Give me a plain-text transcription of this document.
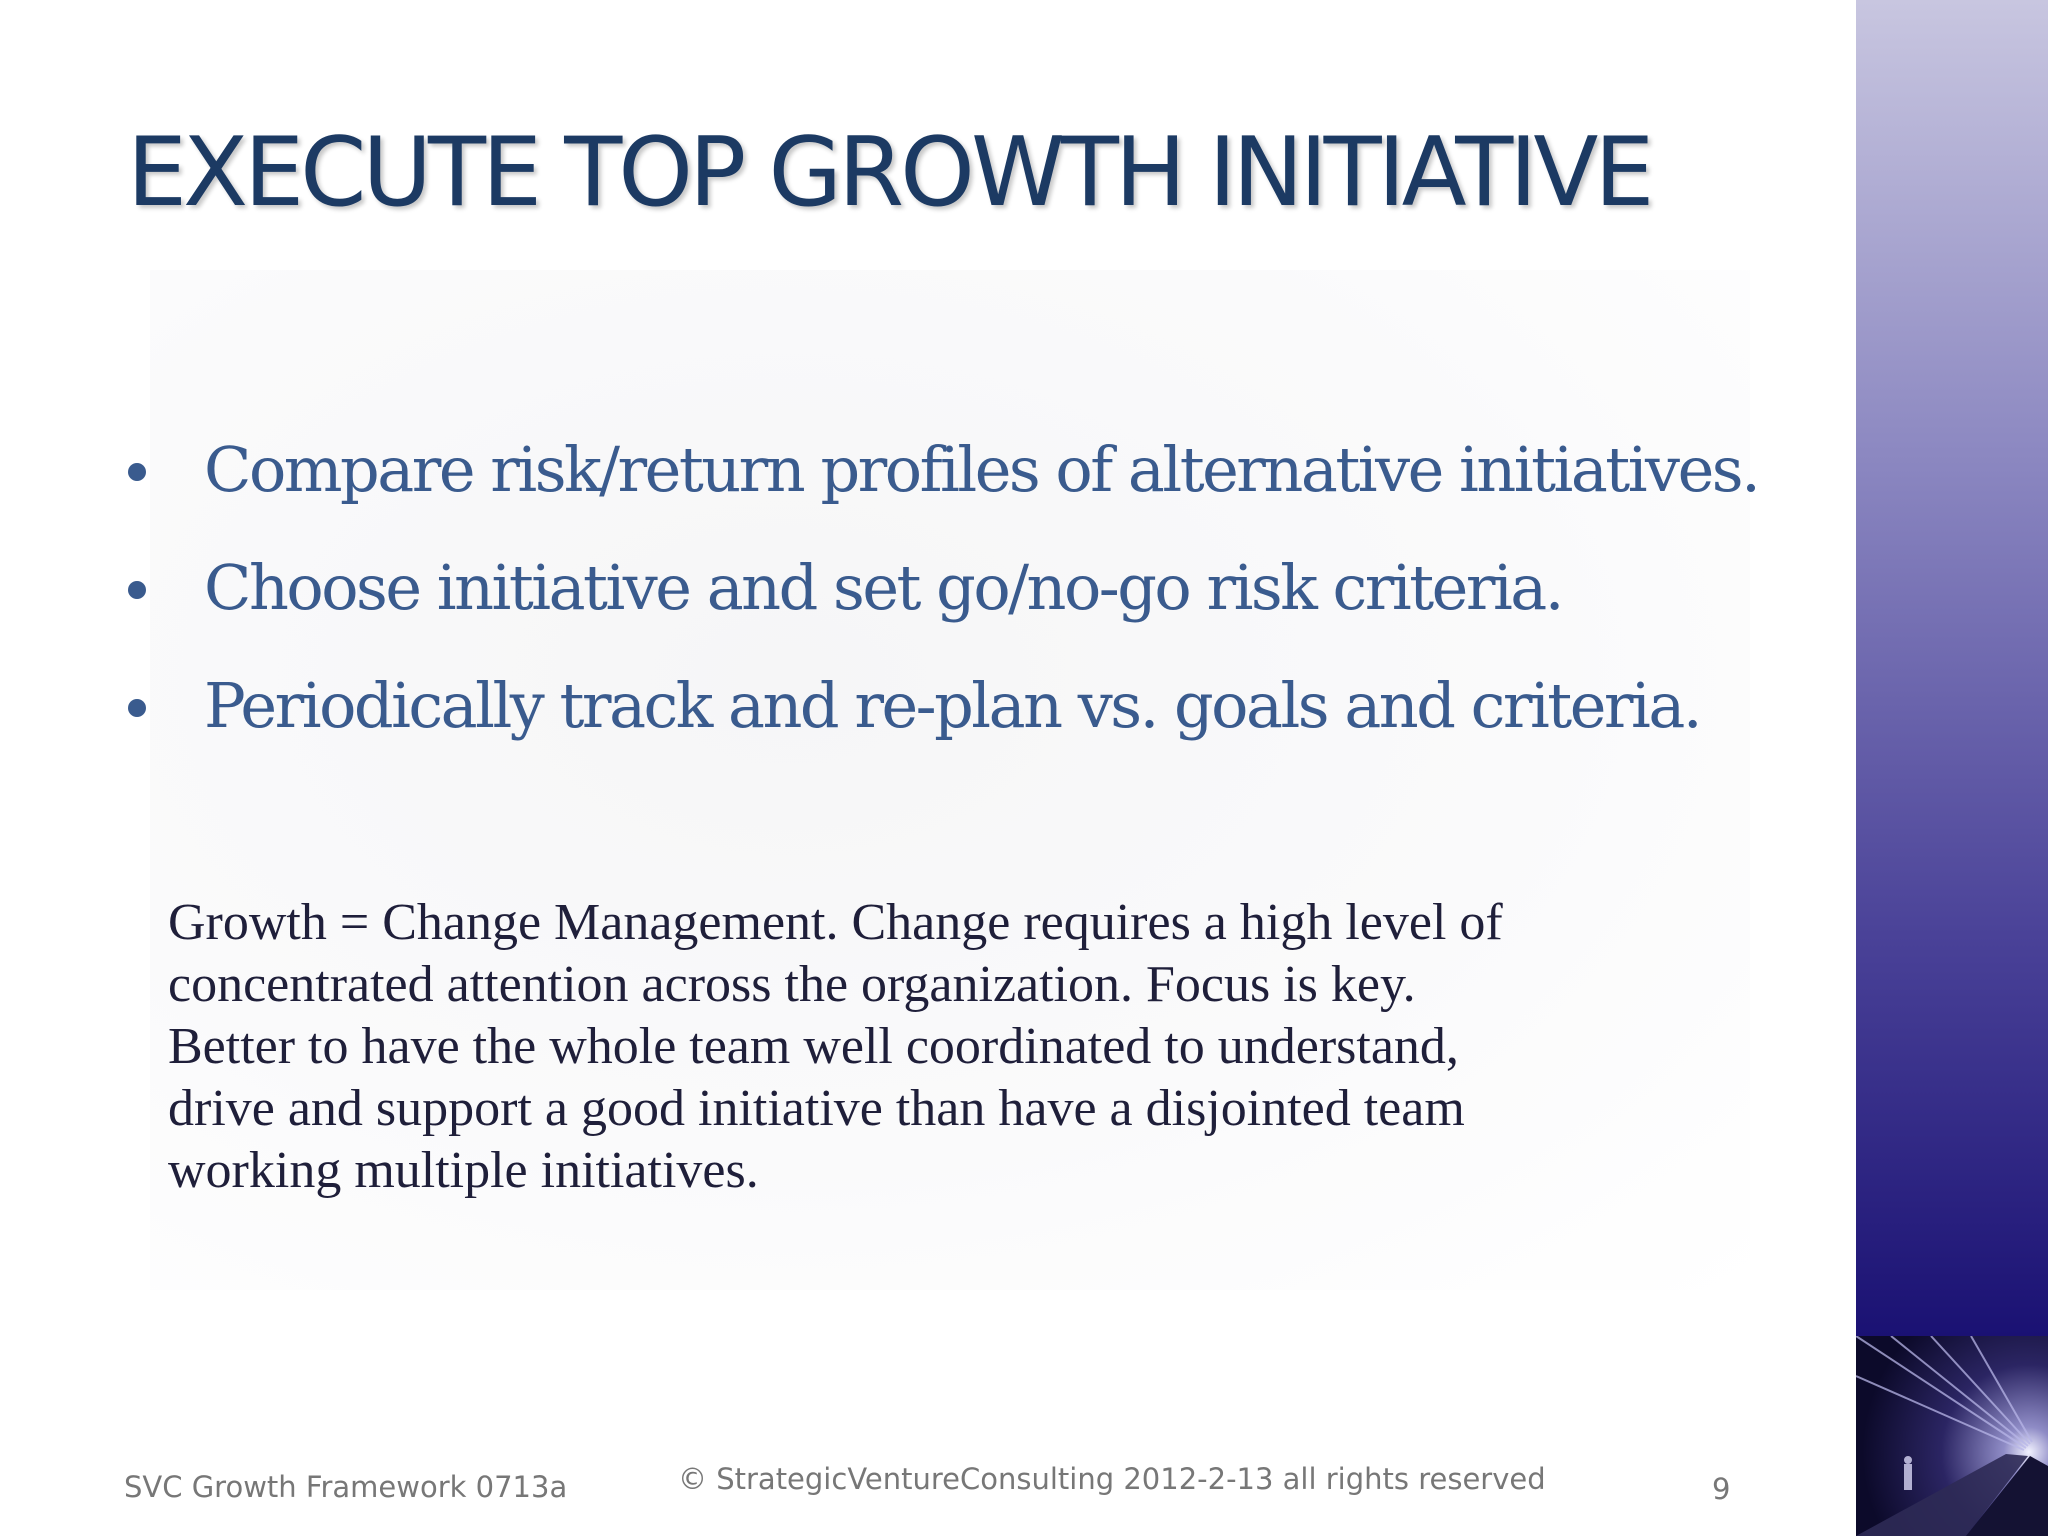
EXECUTE TOP GROWTH INITIATIVE
Compare risk/return profiles of alternative initiatives.
Choose initiative and set go/no-go risk criteria.
Periodically track and re-plan vs. goals and criteria.

Growth = Change Management. Change requires a high level of
concentrated attention across the organization. Focus is key.
Better to have the whole team well coordinated to understand,
drive and support a good initiative than have a disjointed team
working multiple initiatives.

SVC Growth Framework 0713a	© StrategicVentureConsulting 2012-2-13 all rights reserved	9
